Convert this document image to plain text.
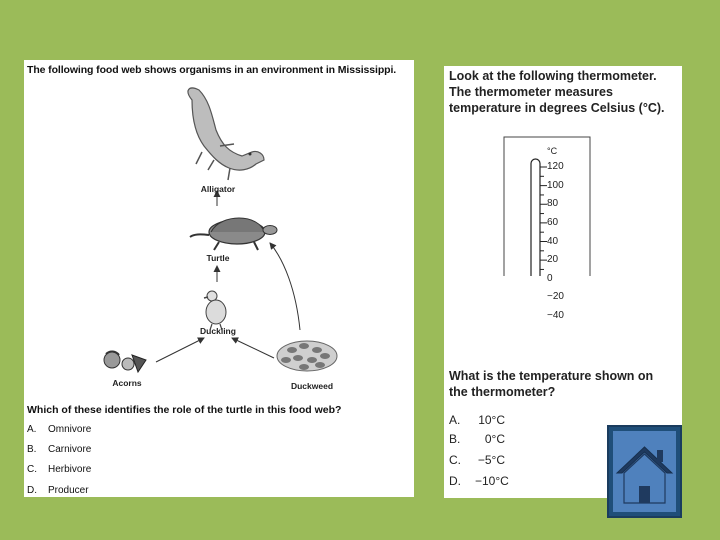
The following food web shows organisms in an environment in Mississippi.
Alligator
Turtle
Duckling
Acorns	Duckweed
Which of these identifies the role of the turtle in this food web?
A. Omnivore
B. Carnivore
C. Herbivore
D. Producer
Look at the following thermometer.
The thermometer measures
temperature in degrees Celsius (°C).
°C
120
100
80
60
40
20
0
−20
−40
What is the temperature shown on
the thermometer?
A. 10°C
B. 0°C
C. −5°C
D. −10°C
